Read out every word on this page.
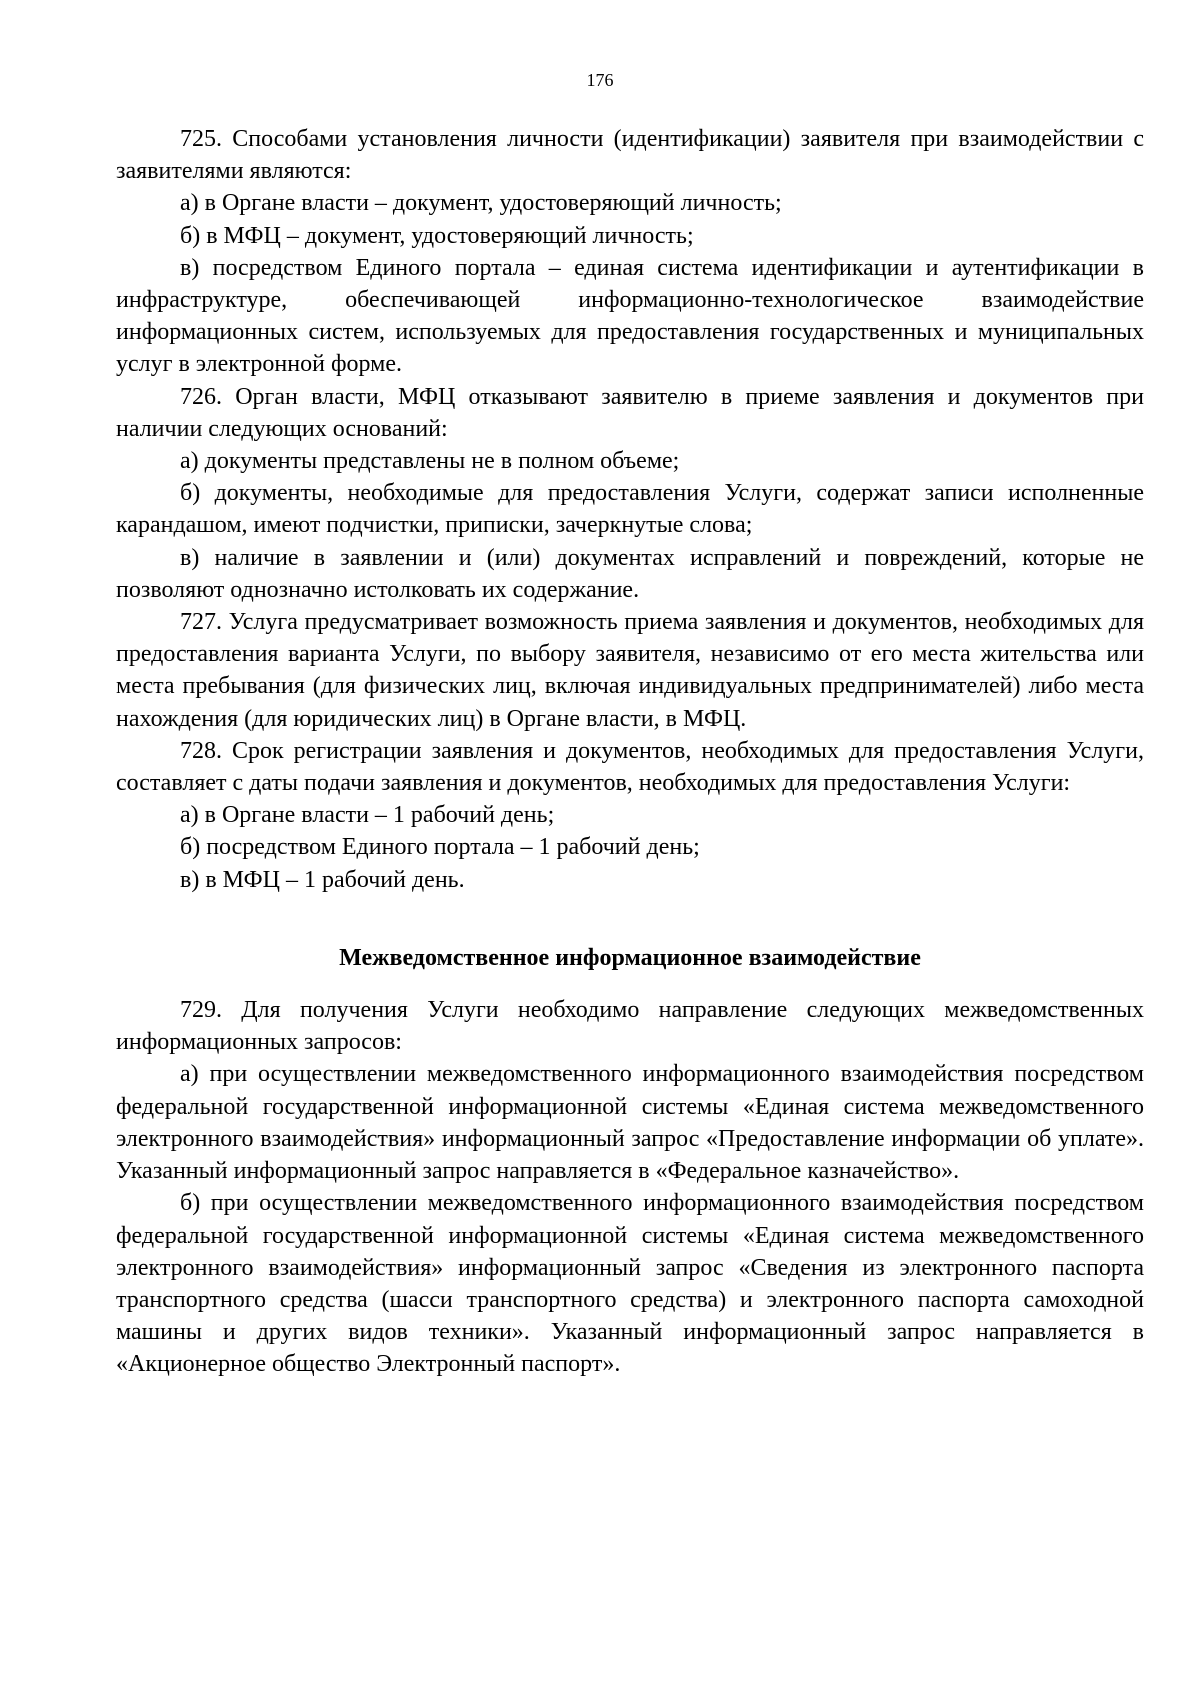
176

725. Способами установления личности (идентификации) заявителя при взаимодействии с заявителями являются:

а) в Органе власти – документ, удостоверяющий личность;

б) в МФЦ – документ, удостоверяющий личность;

в) посредством Единого портала – единая система идентификации и аутентификации в инфраструктуре, обеспечивающей информационно-технологическое взаимодействие информационных систем, используемых для предоставления государственных и муниципальных услуг в электронной форме.

726. Орган власти, МФЦ отказывают заявителю в приеме заявления и документов при наличии следующих оснований:

а) документы представлены не в полном объеме;

б) документы, необходимые для предоставления Услуги, содержат записи исполненные карандашом, имеют подчистки, приписки, зачеркнутые слова;

в) наличие в заявлении и (или) документах исправлений и повреждений, которые не позволяют однозначно истолковать их содержание.

727. Услуга предусматривает возможность приема заявления и документов, необходимых для предоставления варианта Услуги, по выбору заявителя, независимо от его места жительства или места пребывания (для физических лиц, включая индивидуальных предпринимателей) либо места нахождения (для юридических лиц) в Органе власти, в МФЦ.

728. Срок регистрации заявления и документов, необходимых для предоставления Услуги, составляет с даты подачи заявления и документов, необходимых для предоставления Услуги:

а) в Органе власти – 1 рабочий день;

б) посредством Единого портала – 1 рабочий день;

в) в МФЦ – 1 рабочий день.

Межведомственное информационное взаимодействие

729. Для получения Услуги необходимо направление следующих межведомственных информационных запросов:

а) при осуществлении межведомственного информационного взаимодействия посредством федеральной государственной информационной системы «Единая система межведомственного электронного взаимодействия» информационный запрос «Предоставление информации об уплате». Указанный информационный запрос направляется в «Федеральное казначейство».

б) при осуществлении межведомственного информационного взаимодействия посредством федеральной государственной информационной системы «Единая система межведомственного электронного взаимодействия» информационный запрос «Сведения из электронного паспорта транспортного средства (шасси транспортного средства) и электронного паспорта самоходной машины и других видов техники». Указанный информационный запрос направляется в «Акционерное общество Электронный паспорт».
